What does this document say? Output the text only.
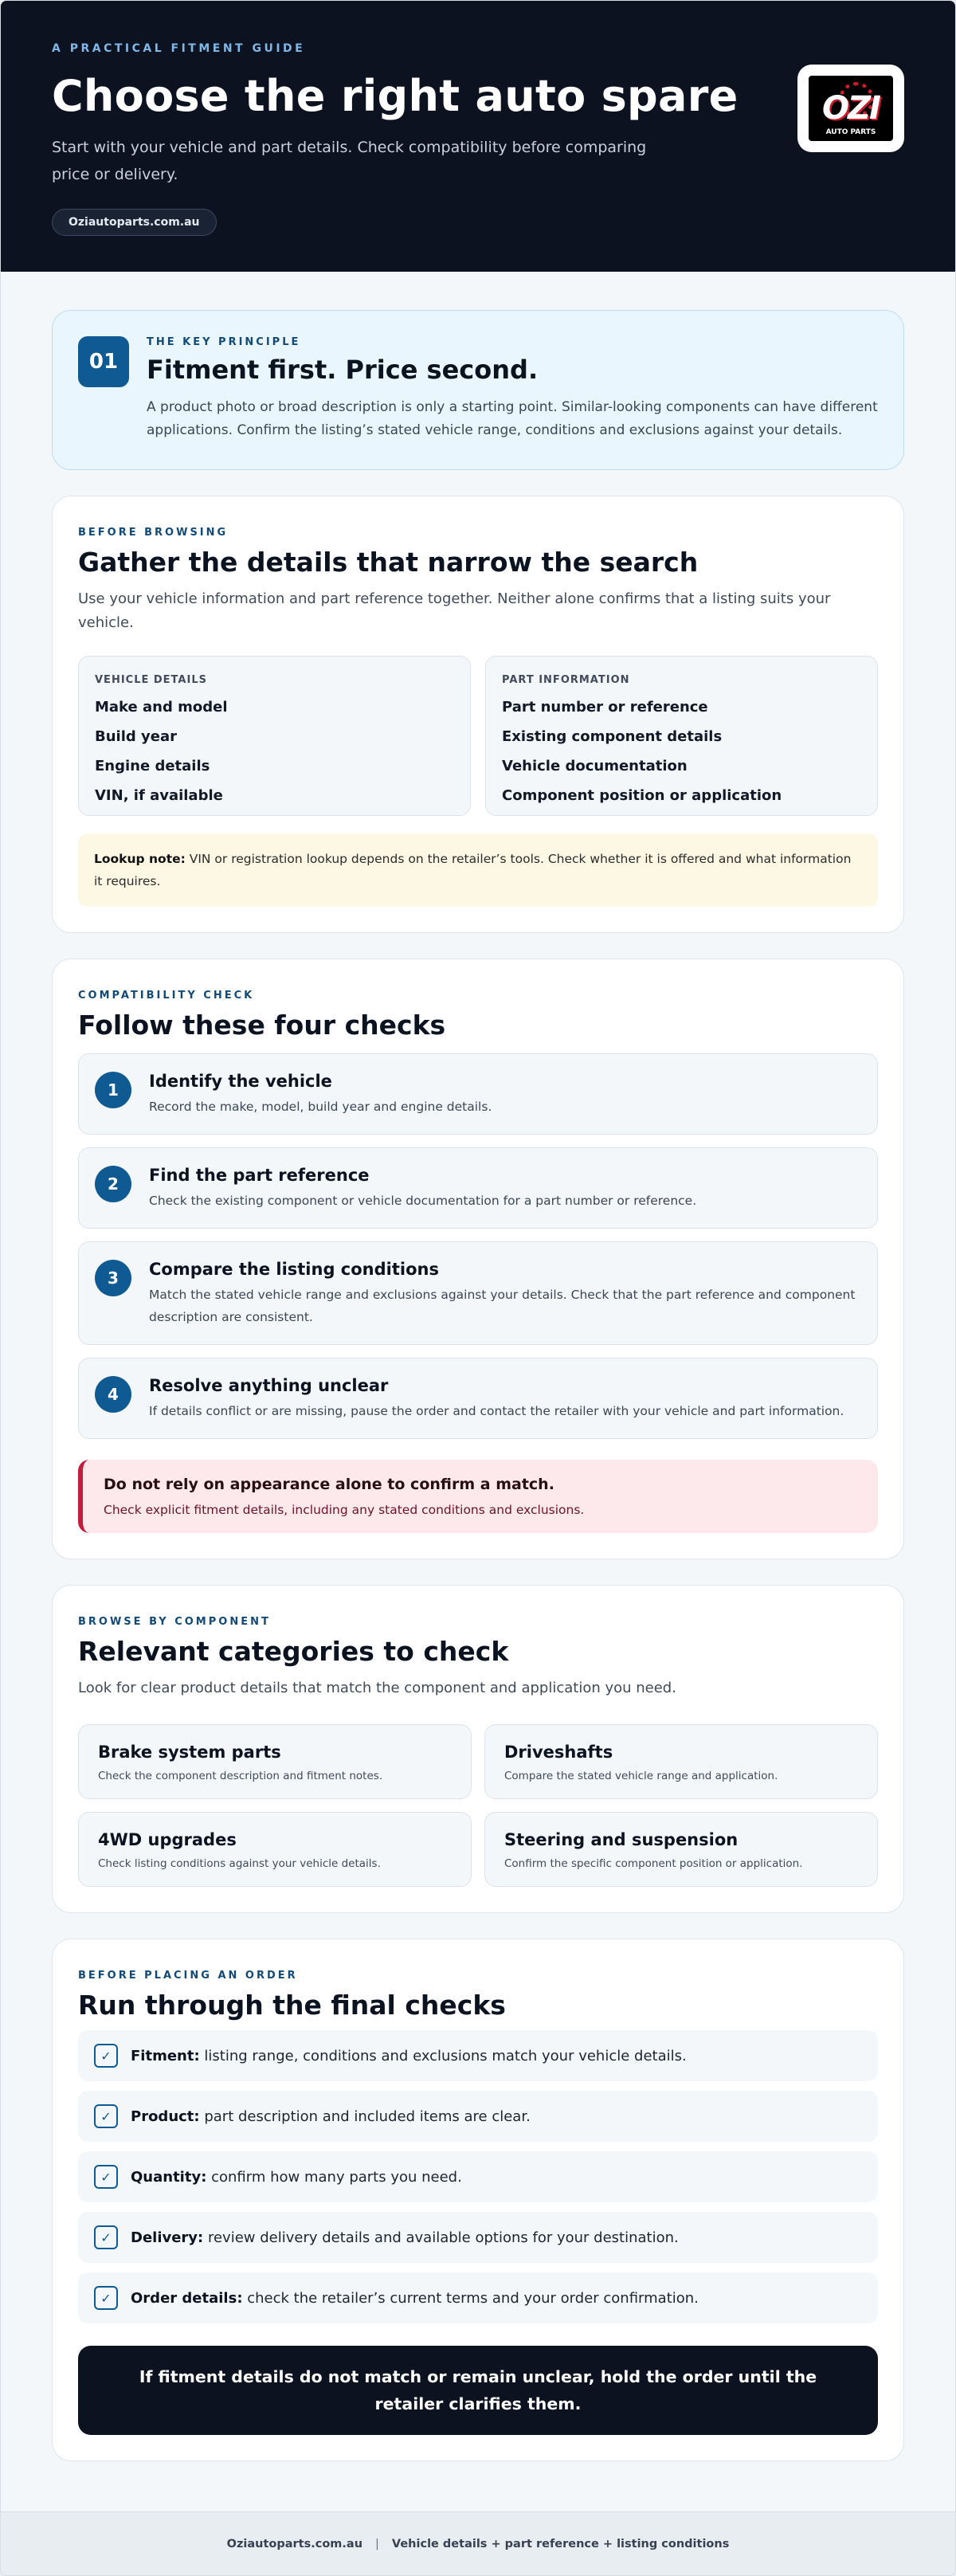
A PRACTICAL FITMENT GUIDE
Choose the right auto spare

Start with your vehicle and part details. Check compatibility before comparing price or delivery.

Oziautoparts.com.au
OZI
AUTO PARTS
01
THE KEY PRINCIPLE
Fitment first. Price second.

A product photo or broad description is only a starting point. Similar-looking components can have different applications. Confirm the listing’s stated vehicle range, conditions and exclusions against your details.

BEFORE BROWSING
Gather the details that narrow the search

Use your vehicle information and part reference together. Neither alone confirms that a listing suits your vehicle.

VEHICLE DETAILS
Make and model
Build year
Engine details
VIN, if available
PART INFORMATION
Part number or reference
Existing component details
Vehicle documentation
Component position or application
Lookup note: VIN or registration lookup depends on the retailer’s tools. Check whether it is offered and what information it requires.
COMPATIBILITY CHECK
Follow these four checks
1	Identify the vehicle
Record the make, model, build year and engine details.
2	Find the part reference
Check the existing component or vehicle documentation for a part number or reference.
3	Compare the listing conditions
Match the stated vehicle range and exclusions against your details. Check that the part reference and component description are consistent.
4	Resolve anything unclear
If details conflict or are missing, pause the order and contact the retailer with your vehicle and part information.
Do not rely on appearance alone to confirm a match.
Check explicit fitment details, including any stated conditions and exclusions.
BROWSE BY COMPONENT
Relevant categories to check

Look for clear product details that match the component and application you need.

Brake system parts
Check the component description and fitment notes.
Driveshafts
Compare the stated vehicle range and application.
4WD upgrades
Check listing conditions against your vehicle details.
Steering and suspension
Confirm the specific component position or application.
BEFORE PLACING AN ORDER
Run through the final checks
✓	Fitment: listing range, conditions and exclusions match your vehicle details.
✓	Product: part description and included items are clear.
✓	Quantity: confirm how many parts you need.
✓	Delivery: review delivery details and available options for your destination.
✓	Order details: check the retailer’s current terms and your order confirmation.
If fitment details do not match or remain unclear, hold the order until the retailer clarifies them.
Oziautoparts.com.au | Vehicle details + part reference + listing conditions
